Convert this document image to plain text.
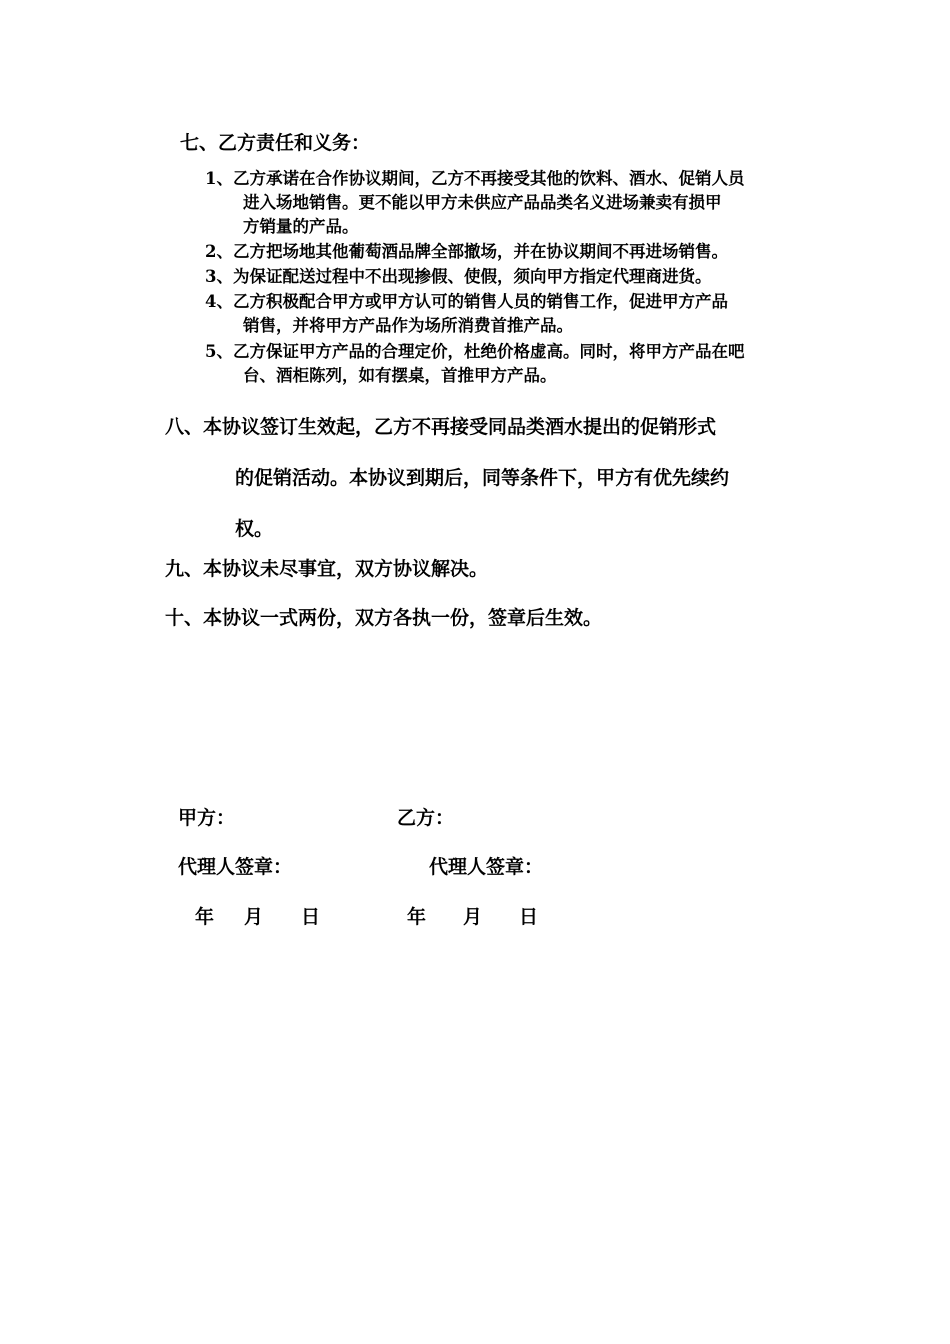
七、乙方责任和义务：
1、乙方承诺在合作协议期间，乙方不再接受其他的饮料、酒水、促销人员
进入场地销售。更不能以甲方未供应产品品类名义进场兼卖有损甲
方销量的产品。
2、乙方把场地其他葡萄酒品牌全部撤场，并在协议期间不再进场销售。
3、为保证配送过程中不出现掺假、使假，须向甲方指定代理商进货。
4、乙方积极配合甲方或甲方认可的销售人员的销售工作，促进甲方产品
销售，并将甲方产品作为场所消费首推产品。
5、乙方保证甲方产品的合理定价，杜绝价格虚高。同时，将甲方产品在吧
台、酒柜陈列，如有摆桌，首推甲方产品。
八、本协议签订生效起，乙方不再接受同品类酒水提出的促销形式
的促销活动。本协议到期后，同等条件下，甲方有优先续约
权。
九、本协议未尽事宜，双方协议解决。
十、本协议一式两份，双方各执一份，签章后生效。
甲方：	乙方：
代理人签章：	代理人签章：
年 月 日	年 月 日
